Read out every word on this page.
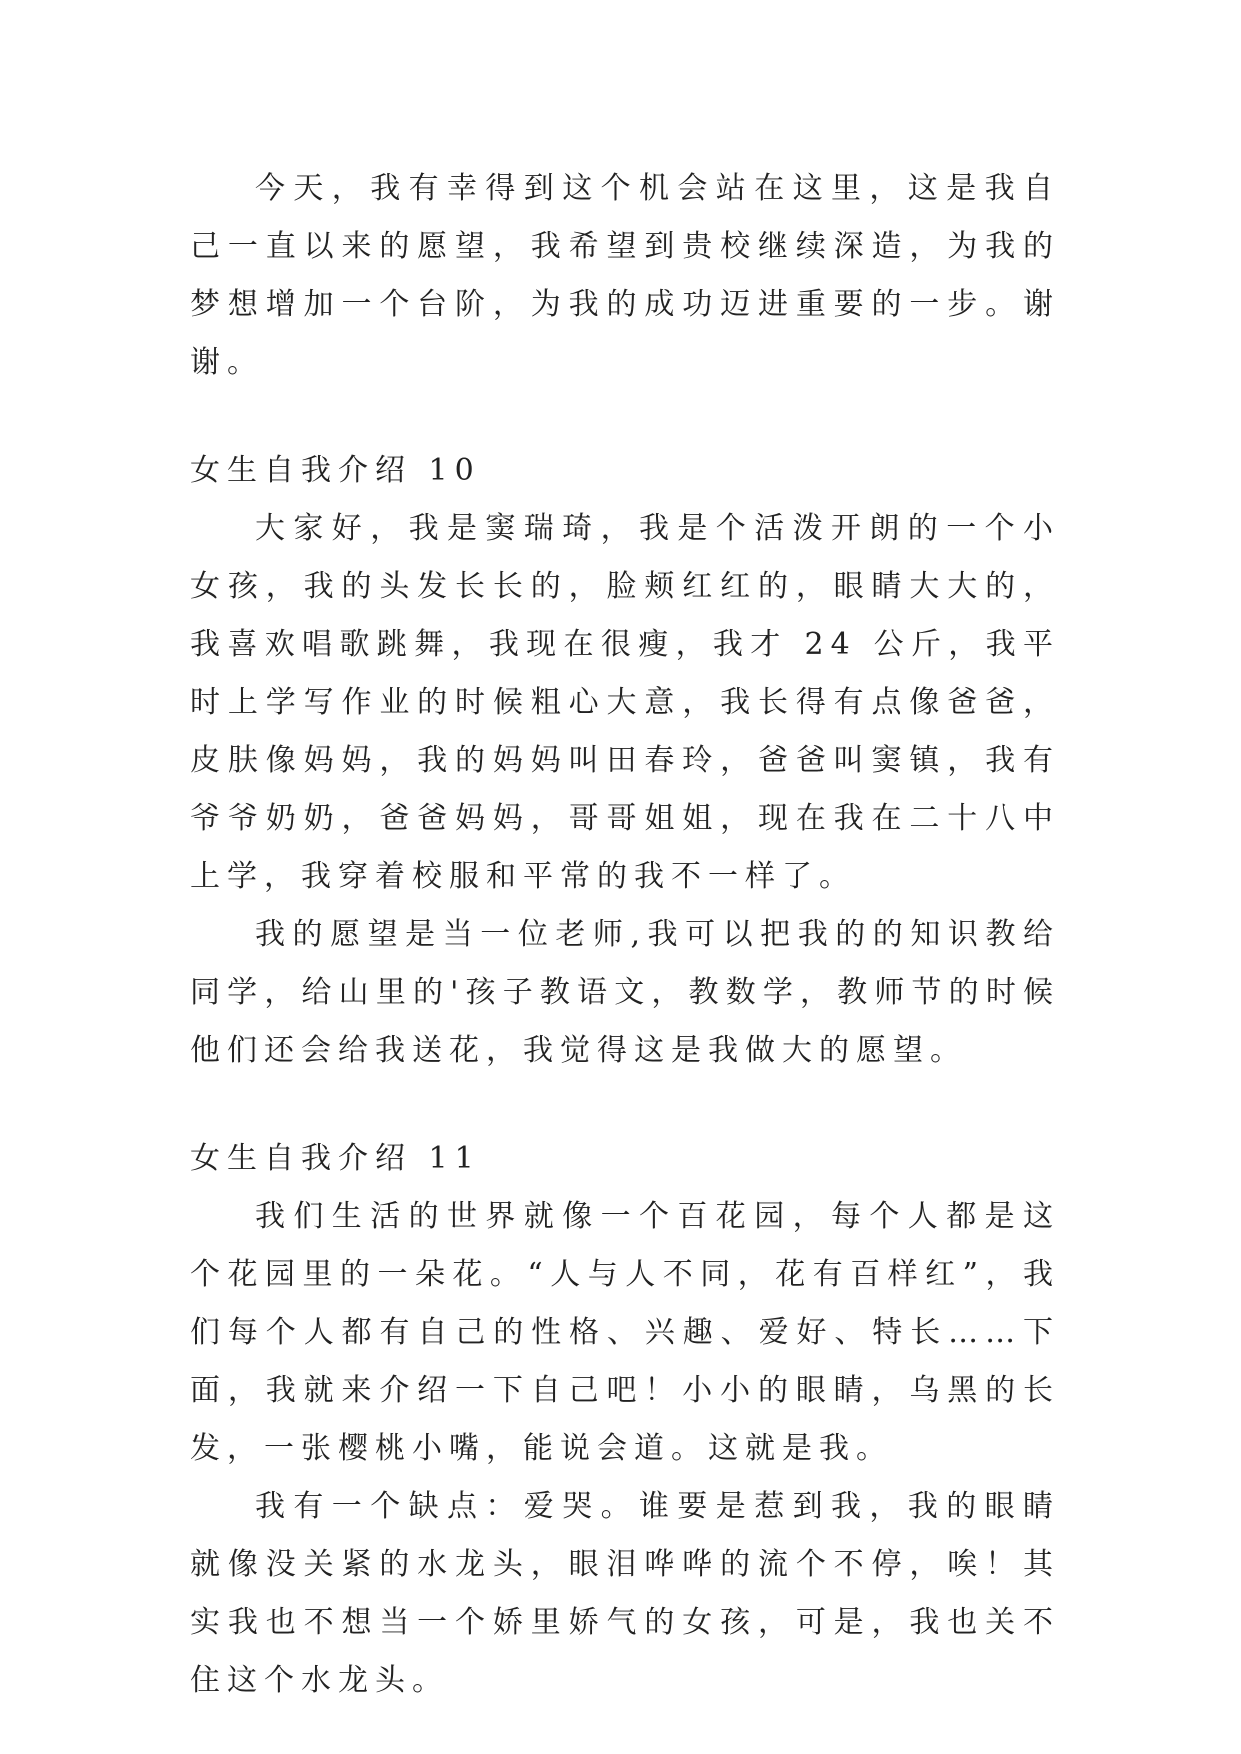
今天，我有幸得到这个机会站在这里，这是我自己一直以来的愿望，我希望到贵校继续深造，为我的梦想增加一个台阶，为我的成功迈进重要的一步。谢谢。

女生自我介绍 10

大家好，我是窦瑞琦，我是个活泼开朗的一个小女孩，我的头发长长的，脸颊红红的，眼睛大大的，我喜欢唱歌跳舞，我现在很瘦，我才 24 公斤，我平时上学写作业的时候粗心大意，我长得有点像爸爸，皮肤像妈妈，我的妈妈叫田春玲，爸爸叫窦镇，我有爷爷奶奶，爸爸妈妈，哥哥姐姐，现在我在二十八中上学，我穿着校服和平常的我不一样了。

我的愿望是当一位老师,我可以把我的的知识教给同学，给山里的'孩子教语文，教数学，教师节的时候他们还会给我送花，我觉得这是我做大的愿望。

女生自我介绍 11

我们生活的世界就像一个百花园，每个人都是这个花园里的一朵花。“人与人不同，花有百样红”，我们每个人都有自己的性格、兴趣、爱好、特长……下面，我就来介绍一下自己吧！小小的眼睛，乌黑的长发，一张樱桃小嘴，能说会道。这就是我。

我有一个缺点：爱哭。谁要是惹到我，我的眼睛就像没关紧的水龙头，眼泪哗哗的流个不停，唉！其实我也不想当一个娇里娇气的女孩，可是，我也关不住这个水龙头。
